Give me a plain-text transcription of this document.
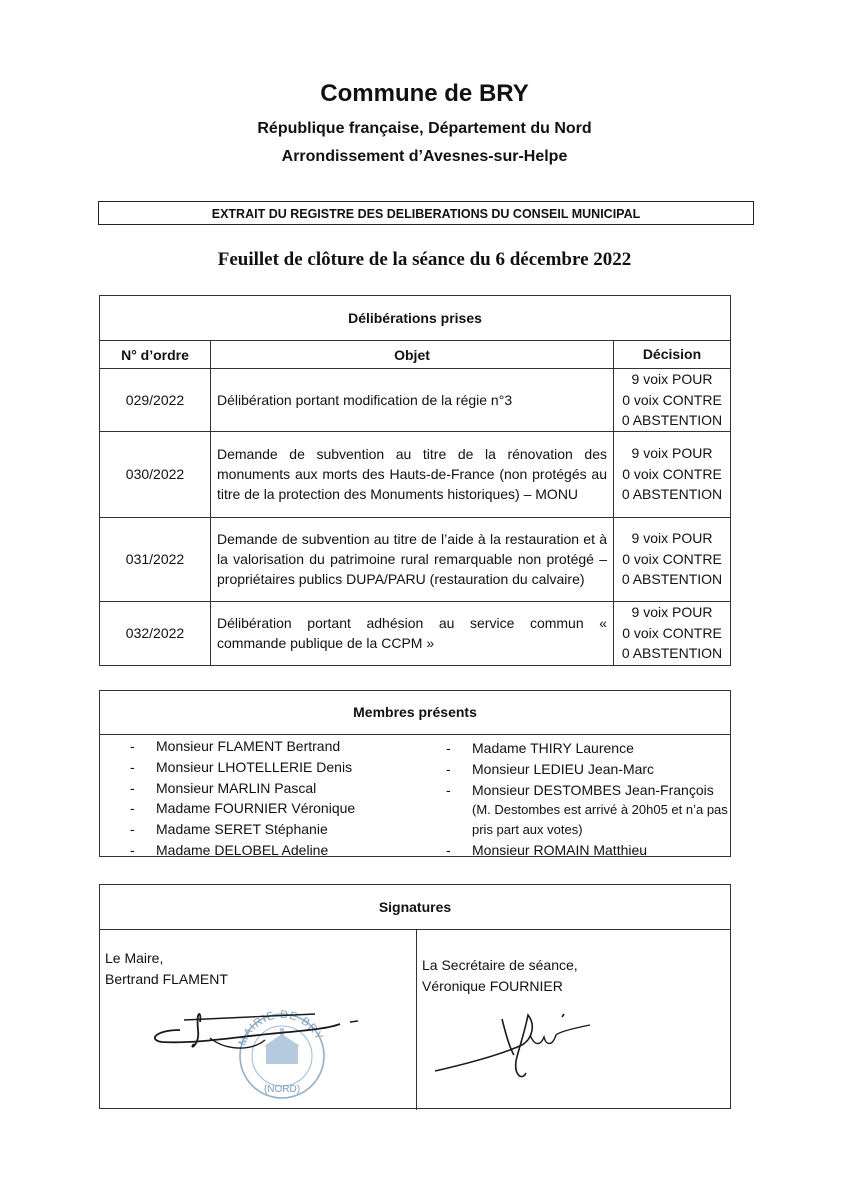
Commune de BRY
République française, Département du Nord
Arrondissement d’Avesnes-sur-Helpe
EXTRAIT DU REGISTRE DES DELIBERATIONS DU CONSEIL MUNICIPAL
Feuillet de clôture de la séance du 6 décembre 2022
Délibérations prises		
N° d’ordre	Objet	Décision
029/2022	Délibération portant modification de la régie n°3	9 voix POUR
0 voix CONTRE
0 ABSTENTION

030/2022	Demande de subvention au titre de la rénovation des monuments aux morts des Hauts-de-France (non protégés au titre de la protection des Monuments historiques) – MONU	9 voix POUR
0 voix CONTRE
0 ABSTENTION

031/2022	Demande de subvention au titre de l’aide à la restauration et à la valorisation du patrimoine rural remarquable non protégé – propriétaires publics DUPA/PARU (restauration du calvaire)	9 voix POUR
0 voix CONTRE
0 ABSTENTION

032/2022	Délibération portant adhésion au service commun « commande publique de la CCPM »	9 voix POUR
0 voix CONTRE
0 ABSTENTION
Membres présents
- Monsieur FLAMENT Bertrand
- Monsieur LHOTELLERIE Denis
- Monsieur MARLIN Pascal
- Madame FOURNIER Véronique
- Madame SERET Stéphanie
- Madame DELOBEL Adeline
- Madame THIRY Laurence
- Monsieur LEDIEU Jean-Marc
- Monsieur DESTOMBES Jean-François
(M. Destombes est arrivé à 20h05 et n’a pas pris part aux votes)
- Monsieur ROMAIN Matthieu
Signatures
Le Maire,
Bertrand FLAMENT
La Secrétaire de séance,
Véronique FOURNIER
MAIRIE DE BRY
(NORD)
